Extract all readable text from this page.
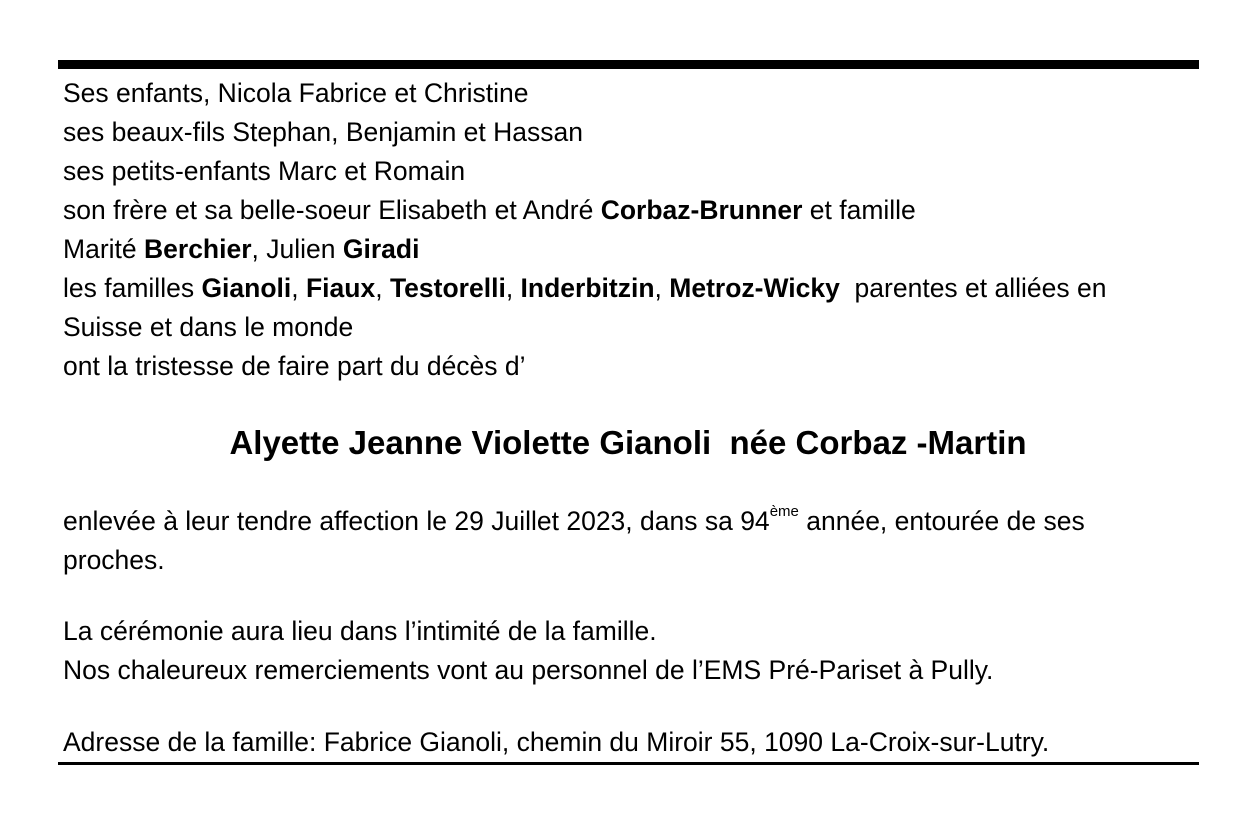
Ses enfants, Nicola Fabrice et Christine
ses beaux-fils Stephan, Benjamin et Hassan
ses petits-enfants Marc et Romain
son frère et sa belle-soeur Elisabeth et André Corbaz-Brunner et famille
Marité Berchier, Julien Giradi
les familles Gianoli, Fiaux, Testorelli, Inderbitzin, Metroz-Wicky  parentes et alliées en
Suisse et dans le monde
ont la tristesse de faire part du décès d’
Alyette Jeanne Violette Gianoli  née Corbaz -Martin
enlevée à leur tendre affection le 29 Juillet 2023, dans sa 94ème année, entourée de ses
proches.
La cérémonie aura lieu dans l’intimité de la famille.
Nos chaleureux remerciements vont au personnel de l’EMS Pré-Pariset à Pully.
Adresse de la famille: Fabrice Gianoli, chemin du Miroir 55, 1090 La-Croix-sur-Lutry.
